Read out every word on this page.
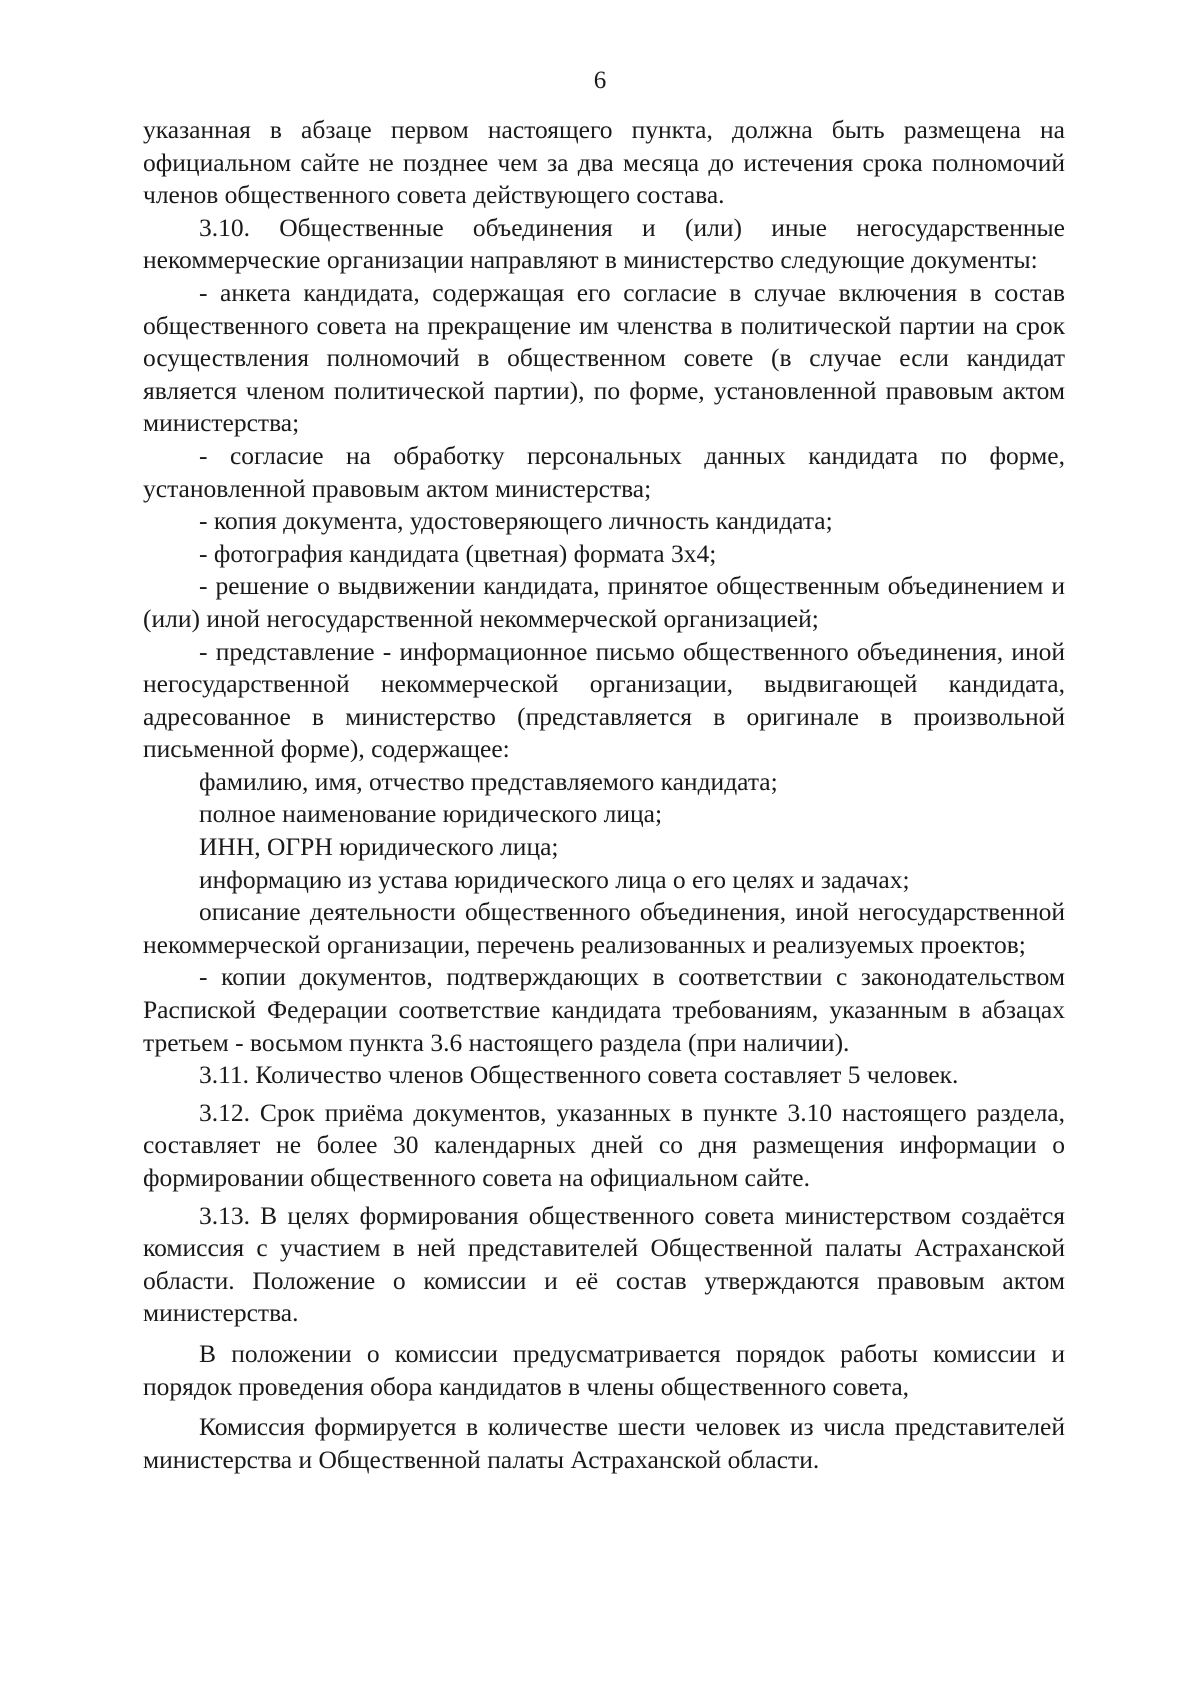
6

указанная в абзаце первом настоящего пункта, должна быть размещена на официальном сайте не позднее чем за два месяца до истечения срока полномочий членов общественного совета действующего состава.

3.10. Общественные объединения и (или) иные негосударственные некоммерческие организации направляют в министерство следующие документы:

- анкета кандидата, содержащая его согласие в случае включения в состав общественного совета на прекращение им членства в политической партии на срок осуществления полномочий в общественном совете (в случае если кандидат является членом политической партии), по форме, установленной правовым актом министерства;

- согласие на обработку персональных данных кандидата по форме, установленной правовым актом министерства;

- копия документа, удостоверяющего личность кандидата;

- фотография кандидата (цветная) формата 3х4;

- решение о выдвижении кандидата, принятое общественным объединением и (или) иной негосударственной некоммерческой организацией;

- представление - информационное письмо общественного объединения, иной негосударственной некоммерческой организации, выдвигающей кандидата, адресованное в министерство (представляется в оригинале в произвольной письменной форме), содержащее:

фамилию, имя, отчество представляемого кандидата;

полное наименование юридического лица;

ИНН, ОГРН юридического лица;

информацию из устава юридического лица о его целях и задачах;

описание деятельности общественного объединения, иной негосударственной некоммерческой организации, перечень реализованных и реализуемых проектов;

- копии документов, подтверждающих в соответствии с законодательством Расписк​ой Федерации соответствие кандидата требованиям, указанным в абзацах третьем - восьмом пункта 3.6 настоящего раздела (при наличии).

3.11. Количество членов Общественного совета составляет 5 человек.

3.12. Срок приёма документов, указанных в пункте 3.10 настоящего раздела, составляет не более 30 календарных дней со дня размещения информации о формировании общественного совета на официальном сайте.

3.13. В целях формирования общественного совета министерством создаётся комиссия с участием в ней представителей Общественной палаты Астраханской области. Положение о комиссии и её состав утверждаются правовым актом министерства.

В положении о комиссии предусматривается порядок работы комиссии и порядок проведения обора кандидатов в члены общественного совета,

Комиссия формируется в количестве шести человек из числа представителей министерства и Общественной палаты Астраханской области.
